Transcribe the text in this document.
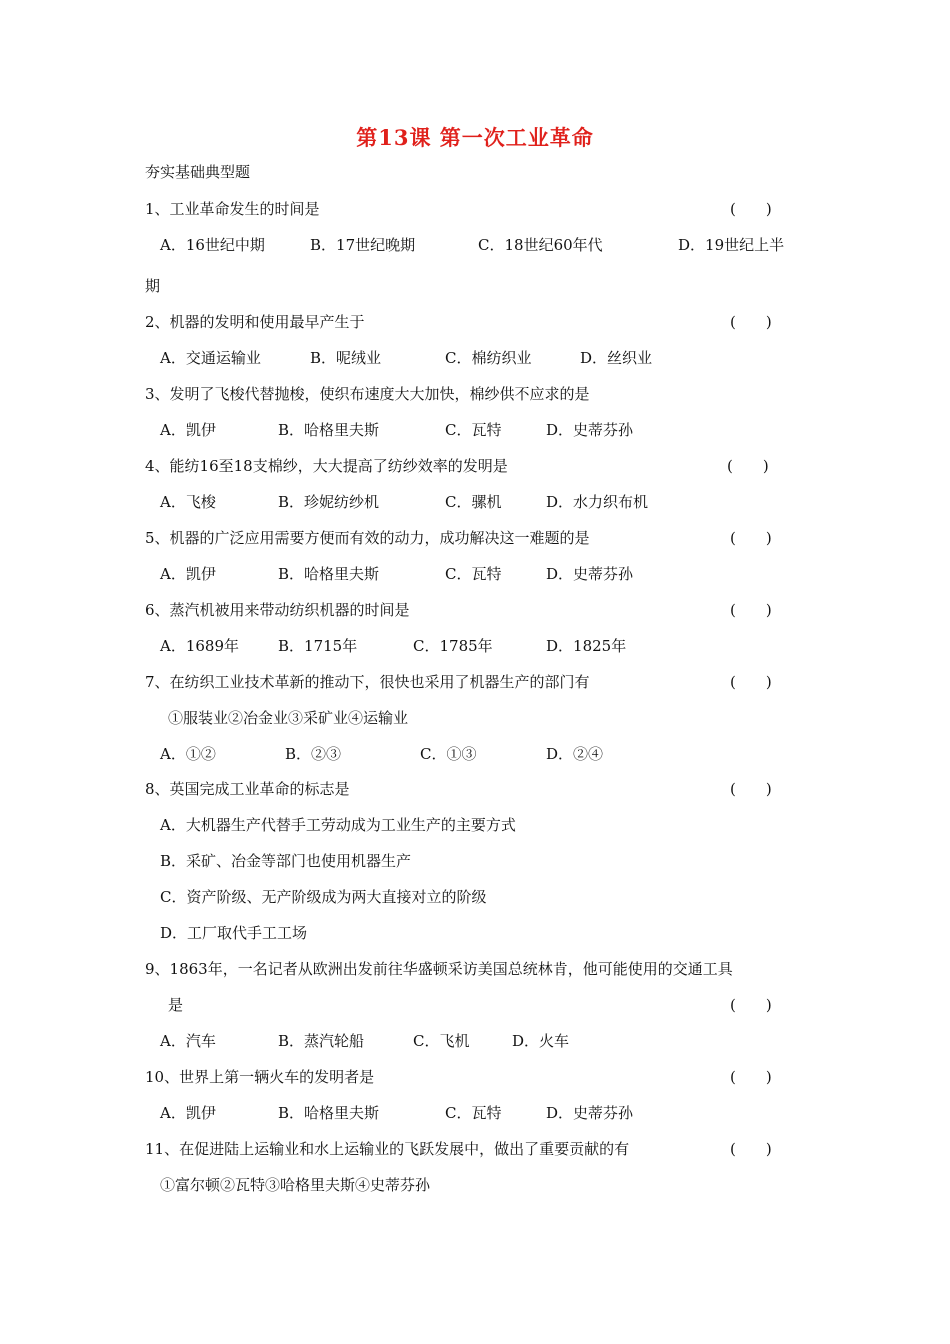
第13课 第一次工业革命
夯实基础典型题
1、工业革命发生的时间是	(　　)
A．16世纪中期	B．17世纪晚期	C．18世纪60年代	D．19世纪上半
期
2、机器的发明和使用最早产生于	(　　)
A．交通运输业	B．呢绒业	C．棉纺织业	D．丝织业
3、发明了飞梭代替抛梭，使织布速度大大加快，棉纱供不应求的是
A．凯伊	B．哈格里夫斯	C．瓦特	D．史蒂芬孙
4、能纺16至18支棉纱，大大提高了纺纱效率的发明是	(　　)
A．飞梭	B．珍妮纺纱机	C．骡机	D．水力织布机
5、机器的广泛应用需要方便而有效的动力，成功解决这一难题的是	(　　)
A．凯伊	B．哈格里夫斯	C．瓦特	D．史蒂芬孙
6、蒸汽机被用来带动纺织机器的时间是	(　　)
A．1689年	B．1715年	C．1785年	D．1825年
7、在纺织工业技术革新的推动下，很快也采用了机器生产的部门有	(　　)
①服装业②冶金业③采矿业④运输业
A．①②	B．②③	C．①③	D．②④
8、英国完成工业革命的标志是	(　　)
A．大机器生产代替手工劳动成为工业生产的主要方式
B．采矿、冶金等部门也使用机器生产
C．资产阶级、无产阶级成为两大直接对立的阶级
D．工厂取代手工工场
9、1863年，一名记者从欧洲出发前往华盛顿采访美国总统林肯，他可能使用的交通工具
是	(　　)
A．汽车	B．蒸汽轮船	C．飞机	D．火车
10、世界上第一辆火车的发明者是	(　　)
A．凯伊	B．哈格里夫斯	C．瓦特	D．史蒂芬孙
11、在促进陆上运输业和水上运输业的飞跃发展中，做出了重要贡献的有	(　　)
①富尔顿②瓦特③哈格里夫斯④史蒂芬孙
